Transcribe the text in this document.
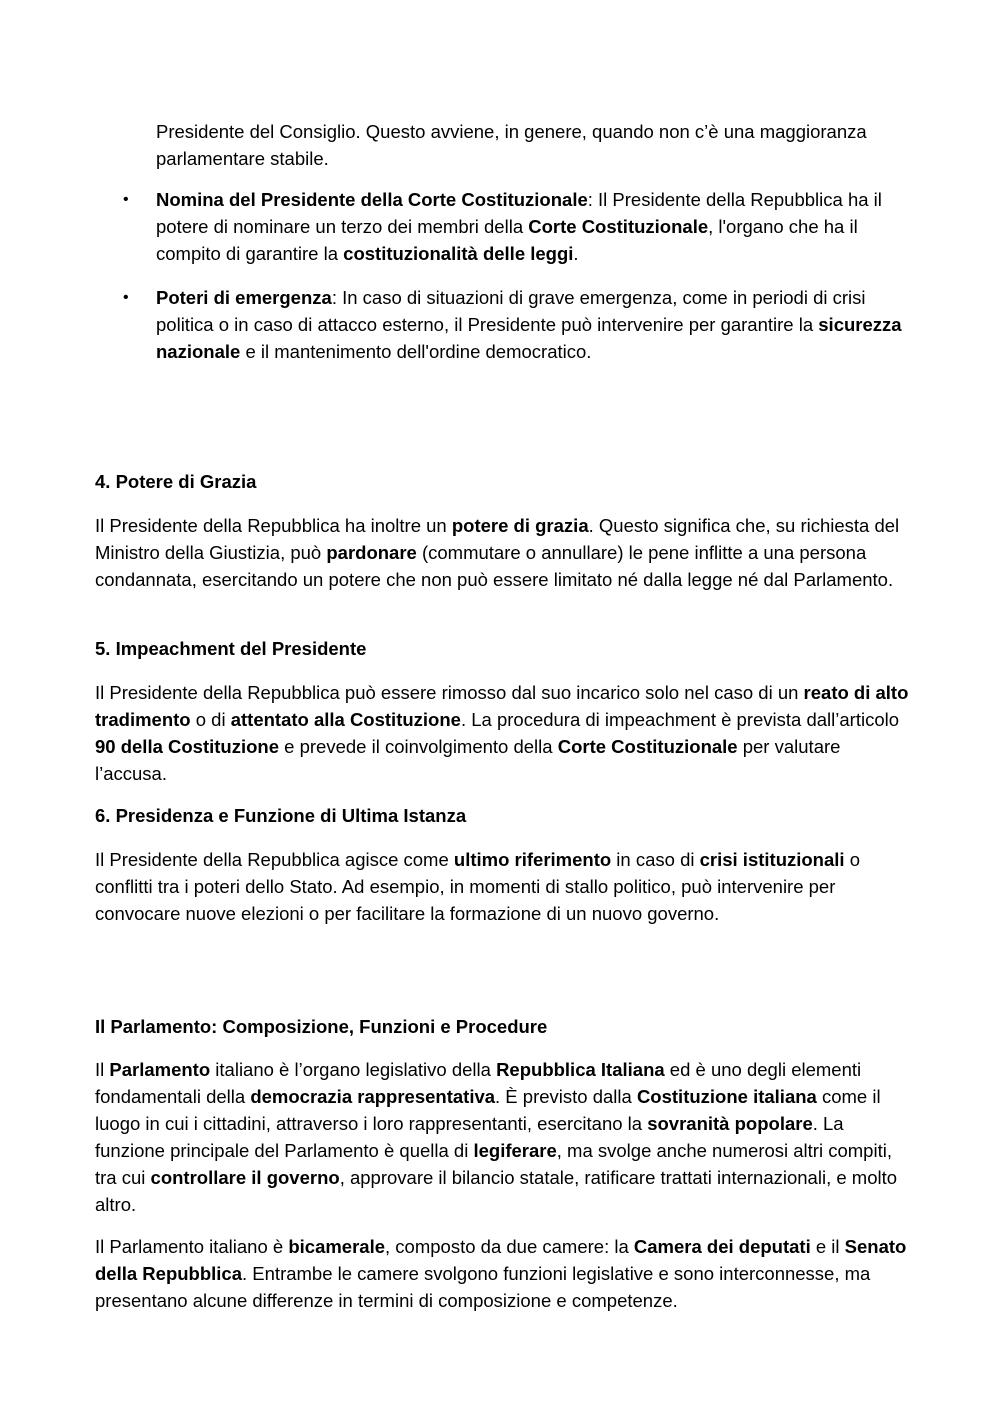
Presidente del Consiglio. Questo avviene, in genere, quando non c’è una maggioranza parlamentare stabile.

•	Nomina del Presidente della Corte Costituzionale: Il Presidente della Repubblica ha il potere di nominare un terzo dei membri della Corte Costituzionale, l'organo che ha il compito di garantire la costituzionalità delle leggi.

•	Poteri di emergenza: In caso di situazioni di grave emergenza, come in periodi di crisi politica o in caso di attacco esterno, il Presidente può intervenire per garantire la sicurezza nazionale e il mantenimento dell'ordine democratico.

4. Potere di Grazia

Il Presidente della Repubblica ha inoltre un potere di grazia. Questo significa che, su richiesta del Ministro della Giustizia, può pardonare (commutare o annullare) le pene inflitte a una persona condannata, esercitando un potere che non può essere limitato né dalla legge né dal Parlamento.

5. Impeachment del Presidente

Il Presidente della Repubblica può essere rimosso dal suo incarico solo nel caso di un reato di alto tradimento o di attentato alla Costituzione. La procedura di impeachment è prevista dall’articolo 90 della Costituzione e prevede il coinvolgimento della Corte Costituzionale per valutare l’accusa.

6. Presidenza e Funzione di Ultima Istanza

Il Presidente della Repubblica agisce come ultimo riferimento in caso di crisi istituzionali o conflitti tra i poteri dello Stato. Ad esempio, in momenti di stallo politico, può intervenire per convocare nuove elezioni o per facilitare la formazione di un nuovo governo.

Il Parlamento: Composizione, Funzioni e Procedure

Il Parlamento italiano è l’organo legislativo della Repubblica Italiana ed è uno degli elementi fondamentali della democrazia rappresentativa. È previsto dalla Costituzione italiana come il luogo in cui i cittadini, attraverso i loro rappresentanti, esercitano la sovranità popolare. La funzione principale del Parlamento è quella di legiferare, ma svolge anche numerosi altri compiti, tra cui controllare il governo, approvare il bilancio statale, ratificare trattati internazionali, e molto altro.

Il Parlamento italiano è bicamerale, composto da due camere: la Camera dei deputati e il Senato della Repubblica. Entrambe le camere svolgono funzioni legislative e sono interconnesse, ma presentano alcune differenze in termini di composizione e competenze.
